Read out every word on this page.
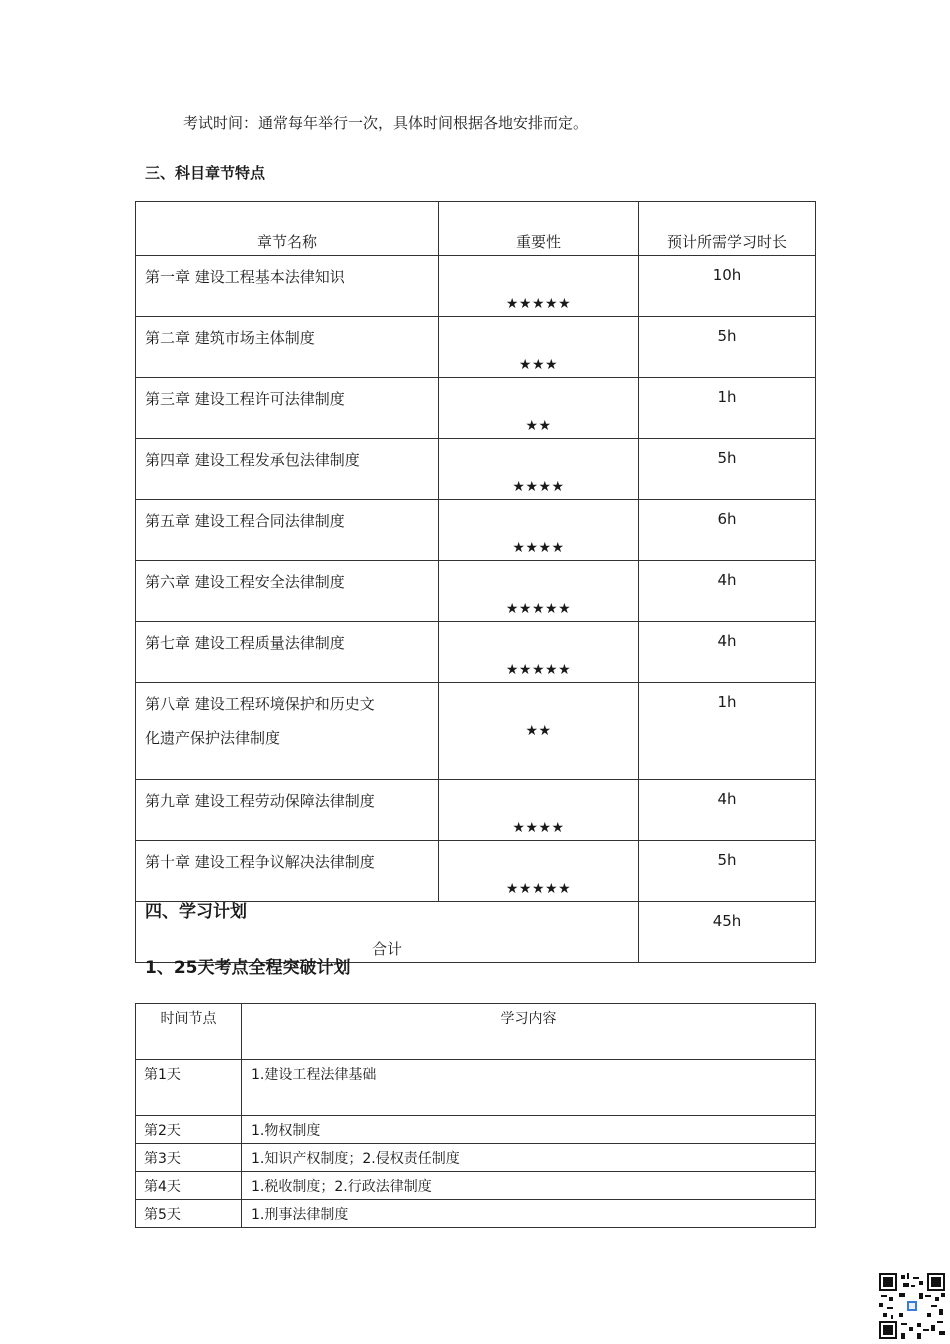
考试时间：通常每年举行一次，具体时间根据各地安排而定。
三、科目章节特点
章节名称	重要性	预计所需学习时长
第一章 建设工程基本法律知识	★★★★★	10h
第二章 建筑市场主体制度	★★★	5h
第三章 建设工程许可法律制度	★★	1h
第四章 建设工程发承包法律制度	★★★★	5h
第五章 建设工程合同法律制度	★★★★	6h
第六章 建设工程安全法律制度	★★★★★	4h
第七章 建设工程质量法律制度	★★★★★	4h

第八章 建设工程环境保护和历史文
化遗产保护法律制度	★★	1h
第九章 建设工程劳动保障法律制度	★★★★	4h
第十章 建设工程争议解决法律制度	★★★★★	5h
合计		45h
四、学习计划
1、25天考点全程突破计划
时间节点	学习内容
第1天	1.建设工程法律基础
第2天	1.物权制度
第3天	1.知识产权制度；2.侵权责任制度
第4天	1.税收制度；2.行政法律制度
第5天	1.刑事法律制度
